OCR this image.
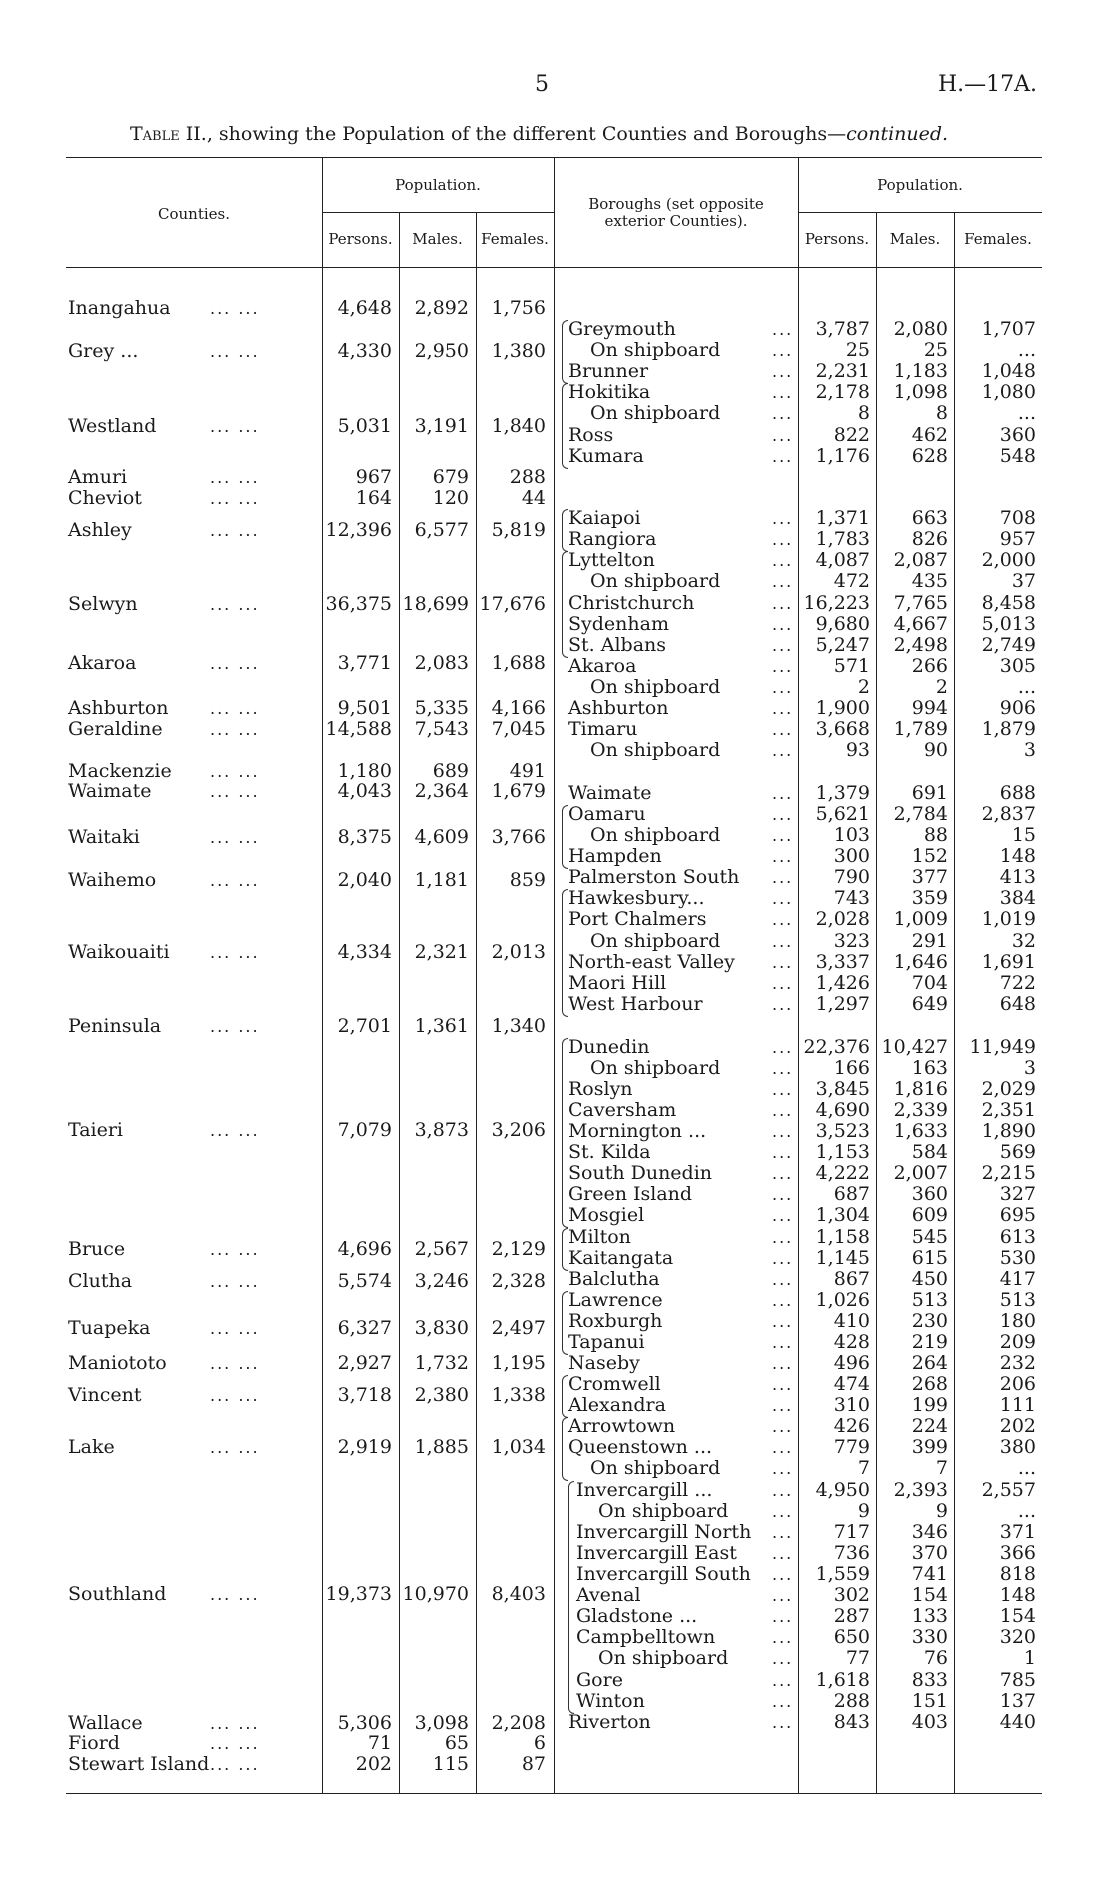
5	H.—17A.
Table II., showing the Population of the different Counties and Boroughs—continued.
Counties.
Population.
Persons.	Males.	Females.
Boroughs (set opposite exterior Counties).
Population.
Persons.	Males.	Females.
Inangahua ... ...	4,648	2,892	1,756
Grey ...	... ...	4,330	2,950	1,380
Westland	... ...	5,031	3,191	1,840
Amuri	... ...	967	679	288
Cheviot	... ...	164	120	44
Ashley	... ...	12,396	6,577	5,819
Selwyn	... ...	36,375 18,699 17,676
Akaroa	... ...	3,771	2,083	1,688
Ashburton	... ...	9,501	5,335	4,166
Geraldine	... ...	14,588	7,543	7,045
Mackenzie ... ...	1,180	689	491
Waimate	... ...	4,043	2,364	1,679
Waitaki	... ...	8,375	4,609	3,766
Waihemo	... ...	2,040	1,181	859
Waikouaiti	... ...	4,334	2,321	2,013
Peninsula	... ...	2,701	1,361	1,340
Taieri	... ...	7,079	3,873	3,206
Bruce	... ...	4,696	2,567	2,129
Clutha	... ...	5,574	3,246	2,328
Tuapeka	... ...	6,327	3,830	2,497
Maniototo	... ...	2,927	1,732	1,195
Vincent	... ...	3,718	2,380	1,338
Lake	... ...	2,919	1,885	1,034
Southland	... ...	19,373 10,970	8,403
Wallace	... ...	5,306	3,098	2,208
Fiord	... ...	71	65	6
Stewart Island ... ...	202	115	87
Greymouth	...	3,787	2,080	1,707
On shipboard	...	25	25	...
Brunner	...	2,231	1,183	1,048
Hokitika	...	2,178	1,098	1,080
On shipboard	...	8	8	...
Ross	...	822	462	360
Kumara	...	1,176	628	548
Kaiapoi	...	1,371	663	708
Rangiora	...	1,783	826	957
Lyttelton	...	4,087	2,087	2,000
On shipboard	...	472	435	37
Christchurch	... 16,223	7,765	8,458
Sydenham	...	9,680	4,667	5,013
St. Albans	...	5,247	2,498	2,749
Akaroa	...	571	266	305
On shipboard	...	2	2	...
Ashburton	...	1,900	994	906
Timaru	...	3,668	1,789	1,879
On shipboard	...	93	90	3
Waimate	...	1,379	691	688
Oamaru	...	5,621	2,784	2,837
On shipboard	...	103	88	15
Hampden	...	300	152	148
Palmerston South ...	790	377	413
Hawkesbury...	...	743	359	384
Port Chalmers	...	2,028	1,009	1,019
On shipboard	...	323	291	32
North-east Valley ...	3,337	1,646	1,691
Maori Hill	...	1,426	704	722
West Harbour	...	1,297	649	648
Dunedin	... 22,376 10,427	11,949
On shipboard	...	166	163	3
Roslyn	...	3,845	1,816	2,029
Caversham	...	4,690	2,339	2,351
Mornington ...	...	3,523	1,633	1,890
St. Kilda	...	1,153	584	569
South Dunedin	...	4,222	2,007	2,215
Green Island	...	687	360	327
Mosgiel	...	1,304	609	695
Milton	...	1,158	545	613
Kaitangata	...	1,145	615	530
Balclutha	...	867	450	417
Lawrence	...	1,026	513	513
Roxburgh	...	410	230	180
Tapanui	...	428	219	209
Naseby	...	496	264	232
Cromwell	...	474	268	206
Alexandra	...	310	199	111
Arrowtown	...	426	224	202
Queenstown ...	...	779	399	380
On shipboard	...	7	7	...
Invercargill ...	...	4,950	2,393	2,557
On shipboard	...	9	9	...
Invercargill North ...	717	346	371
Invercargill East ...	736	370	366
Invercargill South ...	1,559	741	818
Avenal	...	302	154	148
Gladstone ...	...	287	133	154
Campbelltown	...	650	330	320
On shipboard	...	77	76	1
Gore	...	1,618	833	785
Winton	...	288	151	137
Riverton	...	843	403	440
